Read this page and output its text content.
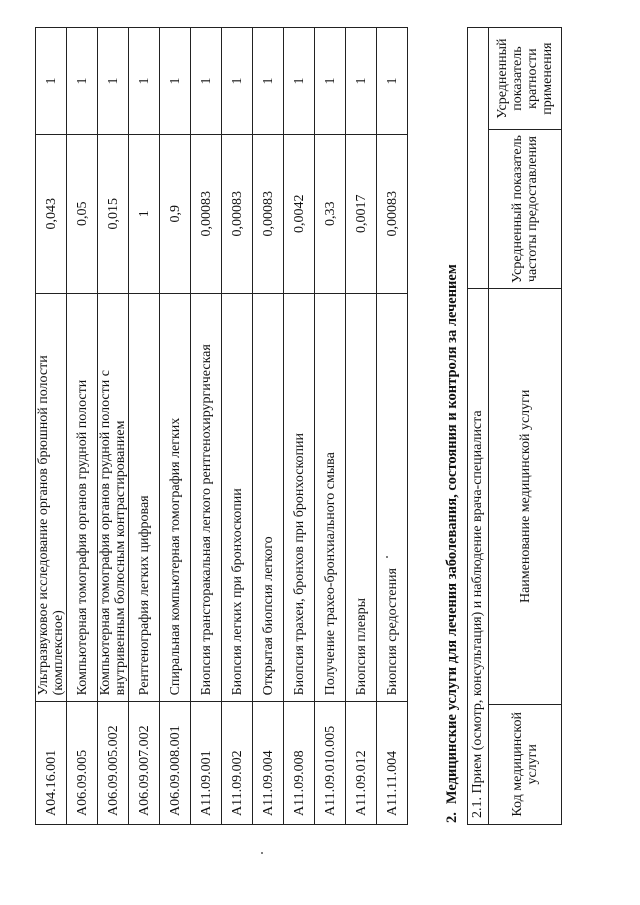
A04.16.001	Ультразвуковое исследование органов брюшной полости (комплексное)	0,043	1
A06.09.005	Компьютерная томография органов грудной полости	0,05	1
A06.09.005.002	Компьютерная томография органов грудной полости с внутривенным болюсным контрастированием	0,015	1
A06.09.007.002	Рентгенография легких цифровая	1	1
A06.09.008.001	Спиральная компьютерная томография легких	0,9	1
A11.09.001	Биопсия трансторакальная легкого рентгенохирургическая	0,00083	1
A11.09.002	Биопсия легких при бронхоскопии	0,00083	1
A11.09.004	Открытая биопсия легкого	0,00083	1
A11.09.008	Биопсия трахеи, бронхов при бронхоскопии	0,0042	1
A11.09.010.005	Получение трахео-бронхиального смыва	0,33	1
A11.09.012	Биопсия плевры	0,0017	1
A11.11.004	Биопсия средостения	0,00083	1
2.Медицинские услуги для лечения заболевания, состояния и контроля за лечением 2.1. Прием (осмотр, консультация) и наблюдение врача-специалиста			
Код медицинской услуги	Наименование медицинской услуги	Усредненный показатель частоты предоставления	Усредненный показатель кратности применения
